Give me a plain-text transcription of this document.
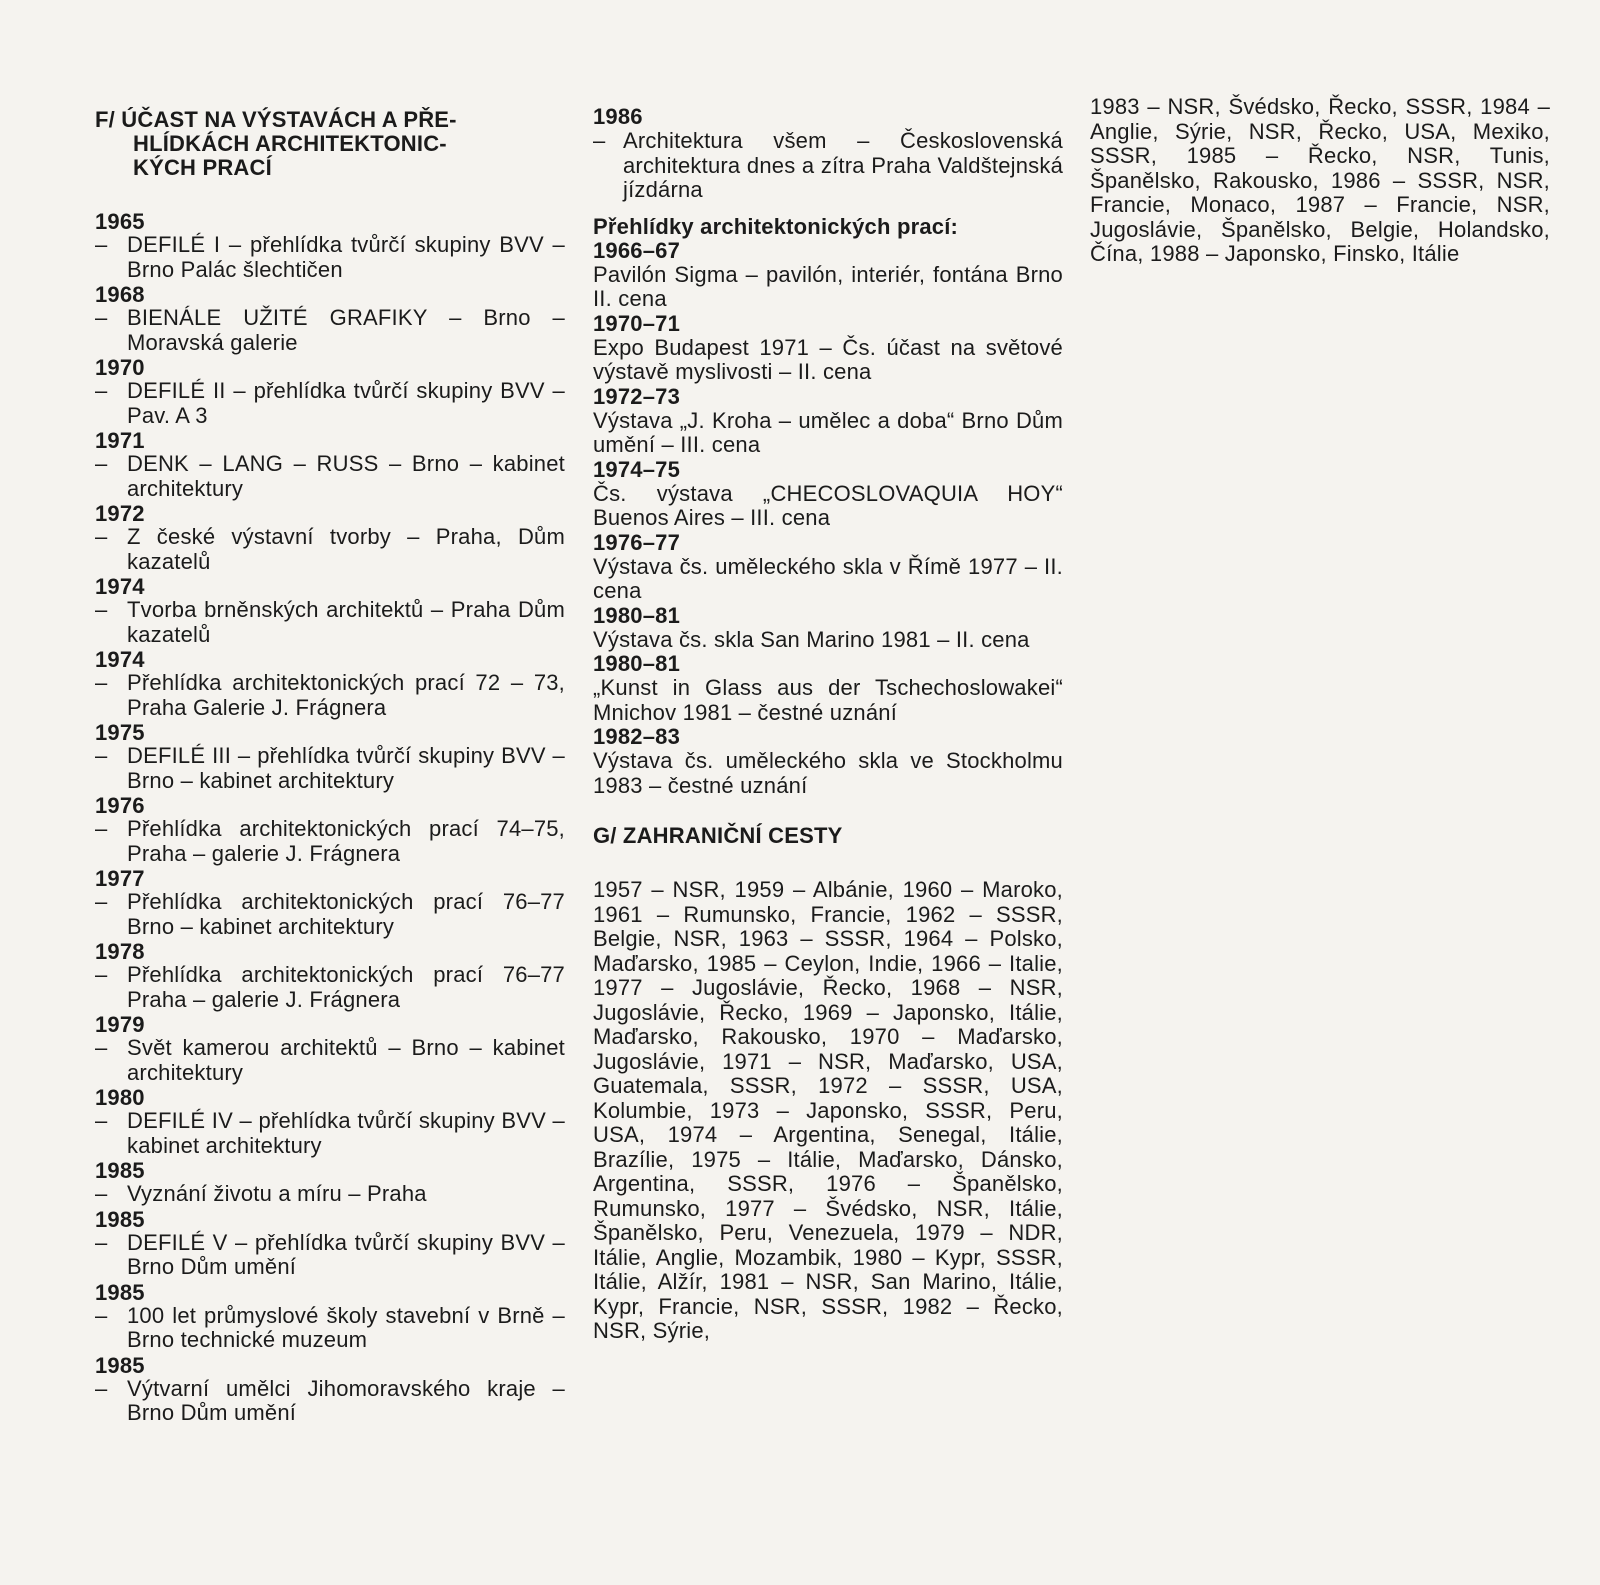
F/ ÚČAST NA VÝSTAVÁCH A PŘE-
HLÍDKÁCH ARCHITEKTONIC-
KÝCH PRACÍ
1965
– DEFILÉ I – přehlídka tvůrčí skupiny BVV – Brno Palác šlechtičen
1968
– BIENÁLE UŽITÉ GRAFIKY – Brno – Moravská galerie
1970
– DEFILÉ II – přehlídka tvůrčí skupiny BVV – Pav. A 3
1971
– DENK – LANG – RUSS – Brno – kabinet architektury
1972
– Z české výstavní tvorby – Praha, Dům kazatelů
1974
– Tvorba brněnských architektů – Praha Dům kazatelů
1974
– Přehlídka architektonických prací 72 – 73, Praha Galerie J. Frágnera
1975
– DEFILÉ III – přehlídka tvůrčí skupiny BVV – Brno – kabinet architektury
1976
– Přehlídka architektonických prací 74–75, Praha – galerie J. Frágnera
1977
– Přehlídka architektonických prací 76–77 Brno – kabinet architektury
1978
– Přehlídka architektonických prací 76–77 Praha – galerie J. Frágnera
1979
– Svět kamerou architektů – Brno – kabinet architektury
1980
– DEFILÉ IV – přehlídka tvůrčí skupiny BVV – kabinet architektury
1985
– Vyznání životu a míru – Praha
1985
– DEFILÉ V – přehlídka tvůrčí skupiny BVV – Brno Dům umění
1985
– 100 let průmyslové školy stavební v Brně – Brno technické muzeum
1985
– Výtvarní umělci Jihomoravského kraje – Brno Dům umění
1986
– Architektura všem – Československá architektura dnes a zítra Praha Valdštejnská jízdárna
Přehlídky architektonických prací:
1966–67
Pavilón Sigma – pavilón, interiér, fontána Brno II. cena
1970–71
Expo Budapest 1971 – Čs. účast na světové výstavě myslivosti – II. cena
1972–73
Výstava „J. Kroha – umělec a doba“ Brno Dům umění – III. cena
1974–75
Čs. výstava „CHECOSLOVAQUIA HOY“ Buenos Aires – III. cena
1976–77
Výstava čs. uměleckého skla v Římě 1977 – II. cena
1980–81
Výstava čs. skla San Marino 1981 – II. cena
1980–81
„Kunst in Glass aus der Tschechoslowakei“ Mnichov 1981 – čestné uznání
1982–83
Výstava čs. uměleckého skla ve Stockholmu 1983 – čestné uznání
G/ ZAHRANIČNÍ CESTY
1957 – NSR, 1959 – Albánie, 1960 – Maroko, 1961 – Rumunsko, Francie, 1962 – SSSR, Belgie, NSR, 1963 – SSSR, 1964 – Polsko, Maďarsko, 1985 – Ceylon, Indie, 1966 – Italie, 1977 – Jugoslávie, Řecko, 1968 – NSR, Jugoslávie, Řecko, 1969 – Japonsko, Itálie, Maďarsko, Rakousko, 1970 – Maďarsko, Jugoslávie, 1971 – NSR, Maďarsko, USA, Guatemala, SSSR, 1972 – SSSR, USA, Kolumbie, 1973 – Japonsko, SSSR, Peru, USA, 1974 – Argentina, Senegal, Itálie, Brazílie, 1975 – Itálie, Maďarsko, Dánsko, Argentina, SSSR, 1976 – Španělsko, Rumunsko, 1977 – Švédsko, NSR, Itálie, Španělsko, Peru, Venezuela, 1979 – NDR, Itálie, Anglie, Mozambik, 1980 – Kypr, SSSR, Itálie, Alžír, 1981 – NSR, San Marino, Itálie, Kypr, Francie, NSR, SSSR, 1982 – Řecko, NSR, Sýrie,
1983 – NSR, Švédsko, Řecko, SSSR, 1984 – Anglie, Sýrie, NSR, Řecko, USA, Mexiko, SSSR, 1985 – Řecko, NSR, Tunis, Španělsko, Rakousko, 1986 – SSSR, NSR, Francie, Monaco, 1987 – Francie, NSR, Jugoslávie, Španělsko, Belgie, Holandsko, Čína, 1988 – Japonsko, Finsko, Itálie
